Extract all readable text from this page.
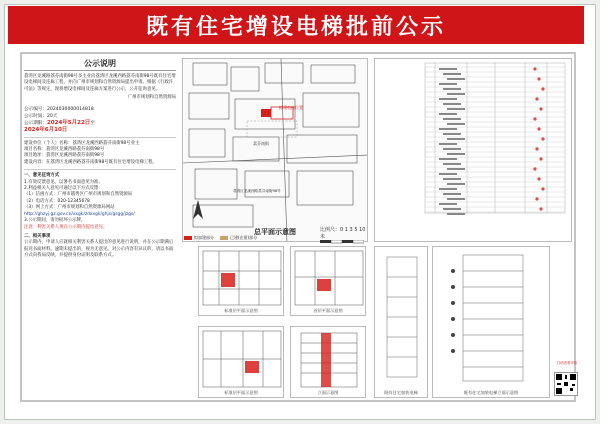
既有住宅增设电梯批前公示
公示说明

荔湾区龙溪路荔芬南街98号多主业向荔湾区龙溪西路荔芬南街98号既有住宅增设电梯间及连廊工程，并向广州市规划和自然资源局提出申请。根据《行政许可法》等规定，现将增设电梯间及连廊方案进行公示，公开征询意见。

广州市规划和自然资源局
公示编号：2024030000014818
公示时间：20天
公示期限：2024年5月22日至
2024年6月10日
建设单位（个人）名称：荔湾区龙溪西路荔芬南街98号业主
项目名称：荔湾区龙溪西路荔芬南街98号
项目地址：荔湾区龙溪西路荔芬南街98号
建设内容：在荔湾区龙溪西路荔芬南街98号既有住宅增设电梯工程。
一、意见征询方式
1.有效反馈意见，以署名书面意见为准。
2.利益相关人意见可通过以下方式反馈：
（1）信函方式：广州市越秀区广州市规划和自然资源局
（2）电话方式：020-12345678
（3）网上方式：广州市规划和自然资源局网站
http://ghzyj.gz.gov.cn/xxgk/zdxxgk/ghjs/gsgg/jzgs/
3.公示期间，请勿损坏公示牌。
注意：利害关系人须在公示期内提出意见。
二、相关事项

公示期内，申请人应就相关利害关系人提出的意见进行说明，并在公示期满后报送书面材料。逾期未提出的，视为无意见。对公示内容有异议的，请以书面方式向我局反映，并提供身份证明及联系方式。

拟建电梯位置
荔芬南街
荔湾区龙溪西路荔芬南街98号
总平面示意图
拟加建部分	已建(在建)部分
比例尺：0 1 3 5 10米
标准层平面示意图	首层平面示意图
标准层平面示意图	立面示意图	既有住宅加装电梯	既有住宅加装电梯立面示意图
扫码查看详情
